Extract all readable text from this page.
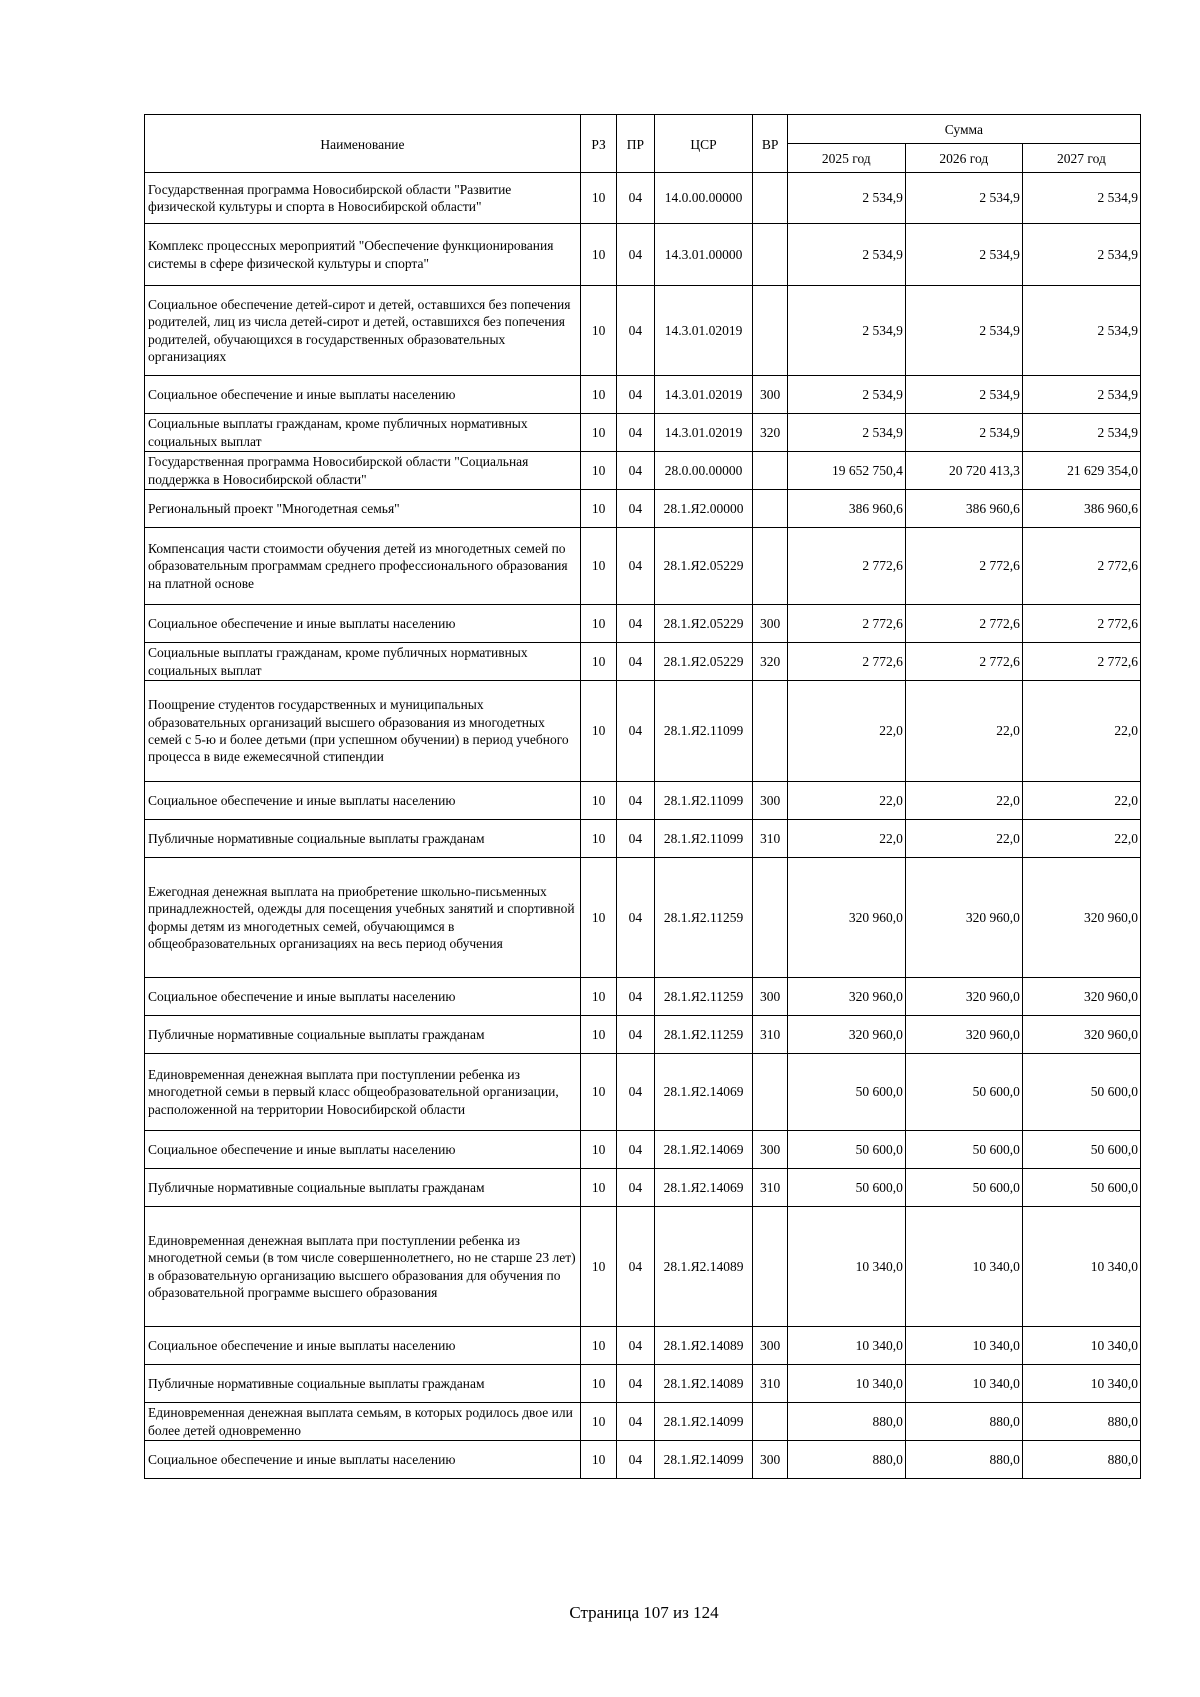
Наименование	РЗ	ПР	ЦСР	ВР	Сумма		
					2025 год	2026 год	2027 год
Государственная программа Новосибирской области "Развитие физической культуры и спорта в Новосибирской области"	10	04	14.0.00.00000		2 534,9	2 534,9	2 534,9
Комплекс процессных мероприятий "Обеспечение функционирования системы в сфере физической культуры и спорта"	10	04	14.3.01.00000		2 534,9	2 534,9	2 534,9
Социальное обеспечение детей-сирот и детей, оставшихся без попечения родителей, лиц из числа детей-сирот и детей, оставшихся без попечения родителей, обучающихся в государственных образовательных организациях	10	04	14.3.01.02019		2 534,9	2 534,9	2 534,9
Социальное обеспечение и иные выплаты населению	10	04	14.3.01.02019	300	2 534,9	2 534,9	2 534,9
Социальные выплаты гражданам, кроме публичных нормативных социальных выплат	10	04	14.3.01.02019	320	2 534,9	2 534,9	2 534,9
Государственная программа Новосибирской области "Социальная поддержка в Новосибирской области"	10	04	28.0.00.00000		19 652 750,4	20 720 413,3	21 629 354,0
Региональный проект "Многодетная семья"	10	04	28.1.Я2.00000		386 960,6	386 960,6	386 960,6
Компенсация части стоимости обучения детей из многодетных семей по образовательным программам среднего профессионального образования на платной основе	10	04	28.1.Я2.05229		2 772,6	2 772,6	2 772,6
Социальное обеспечение и иные выплаты населению	10	04	28.1.Я2.05229	300	2 772,6	2 772,6	2 772,6
Социальные выплаты гражданам, кроме публичных нормативных социальных выплат	10	04	28.1.Я2.05229	320	2 772,6	2 772,6	2 772,6
Поощрение студентов государственных и муниципальных образовательных организаций высшего образования из многодетных семей с 5-ю и более детьми (при успешном обучении) в период учебного процесса в виде ежемесячной стипендии	10	04	28.1.Я2.11099		22,0	22,0	22,0
Социальное обеспечение и иные выплаты населению	10	04	28.1.Я2.11099	300	22,0	22,0	22,0
Публичные нормативные социальные выплаты гражданам	10	04	28.1.Я2.11099	310	22,0	22,0	22,0
Ежегодная денежная выплата на приобретение школьно-письменных принадлежностей, одежды для посещения учебных занятий и спортивной формы детям из многодетных семей, обучающимся в общеобразовательных организациях на весь период обучения	10	04	28.1.Я2.11259		320 960,0	320 960,0	320 960,0
Социальное обеспечение и иные выплаты населению	10	04	28.1.Я2.11259	300	320 960,0	320 960,0	320 960,0
Публичные нормативные социальные выплаты гражданам	10	04	28.1.Я2.11259	310	320 960,0	320 960,0	320 960,0
Единовременная денежная выплата при поступлении ребенка из многодетной семьи в первый класс общеобразовательной организации, расположенной на территории Новосибирской области	10	04	28.1.Я2.14069		50 600,0	50 600,0	50 600,0
Социальное обеспечение и иные выплаты населению	10	04	28.1.Я2.14069	300	50 600,0	50 600,0	50 600,0
Публичные нормативные социальные выплаты гражданам	10	04	28.1.Я2.14069	310	50 600,0	50 600,0	50 600,0
Единовременная денежная выплата при поступлении ребенка из многодетной семьи (в том числе совершеннолетнего, но не старше 23 лет) в образовательную организацию высшего образования для обучения по образовательной программе высшего образования	10	04	28.1.Я2.14089		10 340,0	10 340,0	10 340,0
Социальное обеспечение и иные выплаты населению	10	04	28.1.Я2.14089	300	10 340,0	10 340,0	10 340,0
Публичные нормативные социальные выплаты гражданам	10	04	28.1.Я2.14089	310	10 340,0	10 340,0	10 340,0
Единовременная денежная выплата семьям, в которых родилось двое или более детей одновременно	10	04	28.1.Я2.14099		880,0	880,0	880,0
Социальное обеспечение и иные выплаты населению	10	04	28.1.Я2.14099	300	880,0	880,0	880,0
Страница 107 из 124
